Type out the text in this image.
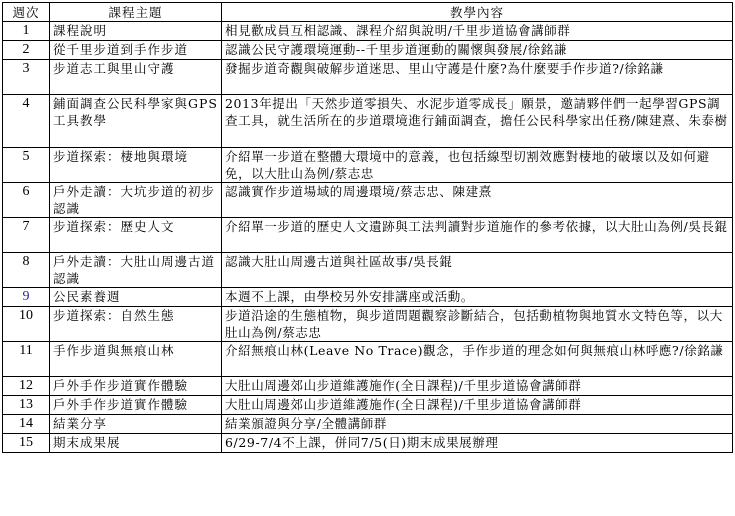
週次	課程主題	教學內容
1	課程說明	相見歡成員互相認識、課程介紹與說明/千里步道協會講師群
2	從千里步道到手作步道	認識公民守護環境運動--千里步道運動的關懷與發展/徐銘謙
3	步道志工與里山守護	發掘步道奇觀與破解步道迷思、里山守護是什麼?為什麼要手作步道?/徐銘謙
4	鋪面調查公民科學家與GPS工具教學	2013年提出「天然步道零損失、水泥步道零成長」願景，邀請夥伴們一起學習GPS調查工具，就生活所在的步道環境進行鋪面調查，擔任公民科學家出任務/陳建熹、朱泰樹
5	步道探索：棲地與環境	介紹單一步道在整體大環境中的意義，也包括線型切割效應對棲地的破壞以及如何避免，以大肚山為例/蔡志忠
6	戶外走讀：大坑步道的初步認識	認識實作步道場域的周邊環境/蔡志忠、陳建熹
7	步道探索：歷史人文	介紹單一步道的歷史人文遺跡與工法判讀對步道施作的參考依據，以大肚山為例/吳長錕
8	戶外走讀：大肚山周邊古道認識	認識大肚山周邊古道與社區故事/吳長錕
9	公民素養週	本週不上課，由學校另外安排講座或活動。
10	步道探索：自然生態	步道沿途的生態植物，與步道問題觀察診斷結合，包括動植物與地質水文特色等，以大肚山為例/蔡志忠
11	手作步道與無痕山林	介紹無痕山林(Leave No Trace)觀念，手作步道的理念如何與無痕山林呼應?/徐銘謙
12	戶外手作步道實作體驗	大肚山周邊郊山步道維護施作(全日課程)/千里步道協會講師群
13	戶外手作步道實作體驗	大肚山周邊郊山步道維護施作(全日課程)/千里步道協會講師群
14	結業分享	結業頒證與分享/全體講師群
15	期末成果展	6/29-7/4不上課，併同7/5(日)期末成果展辦理
